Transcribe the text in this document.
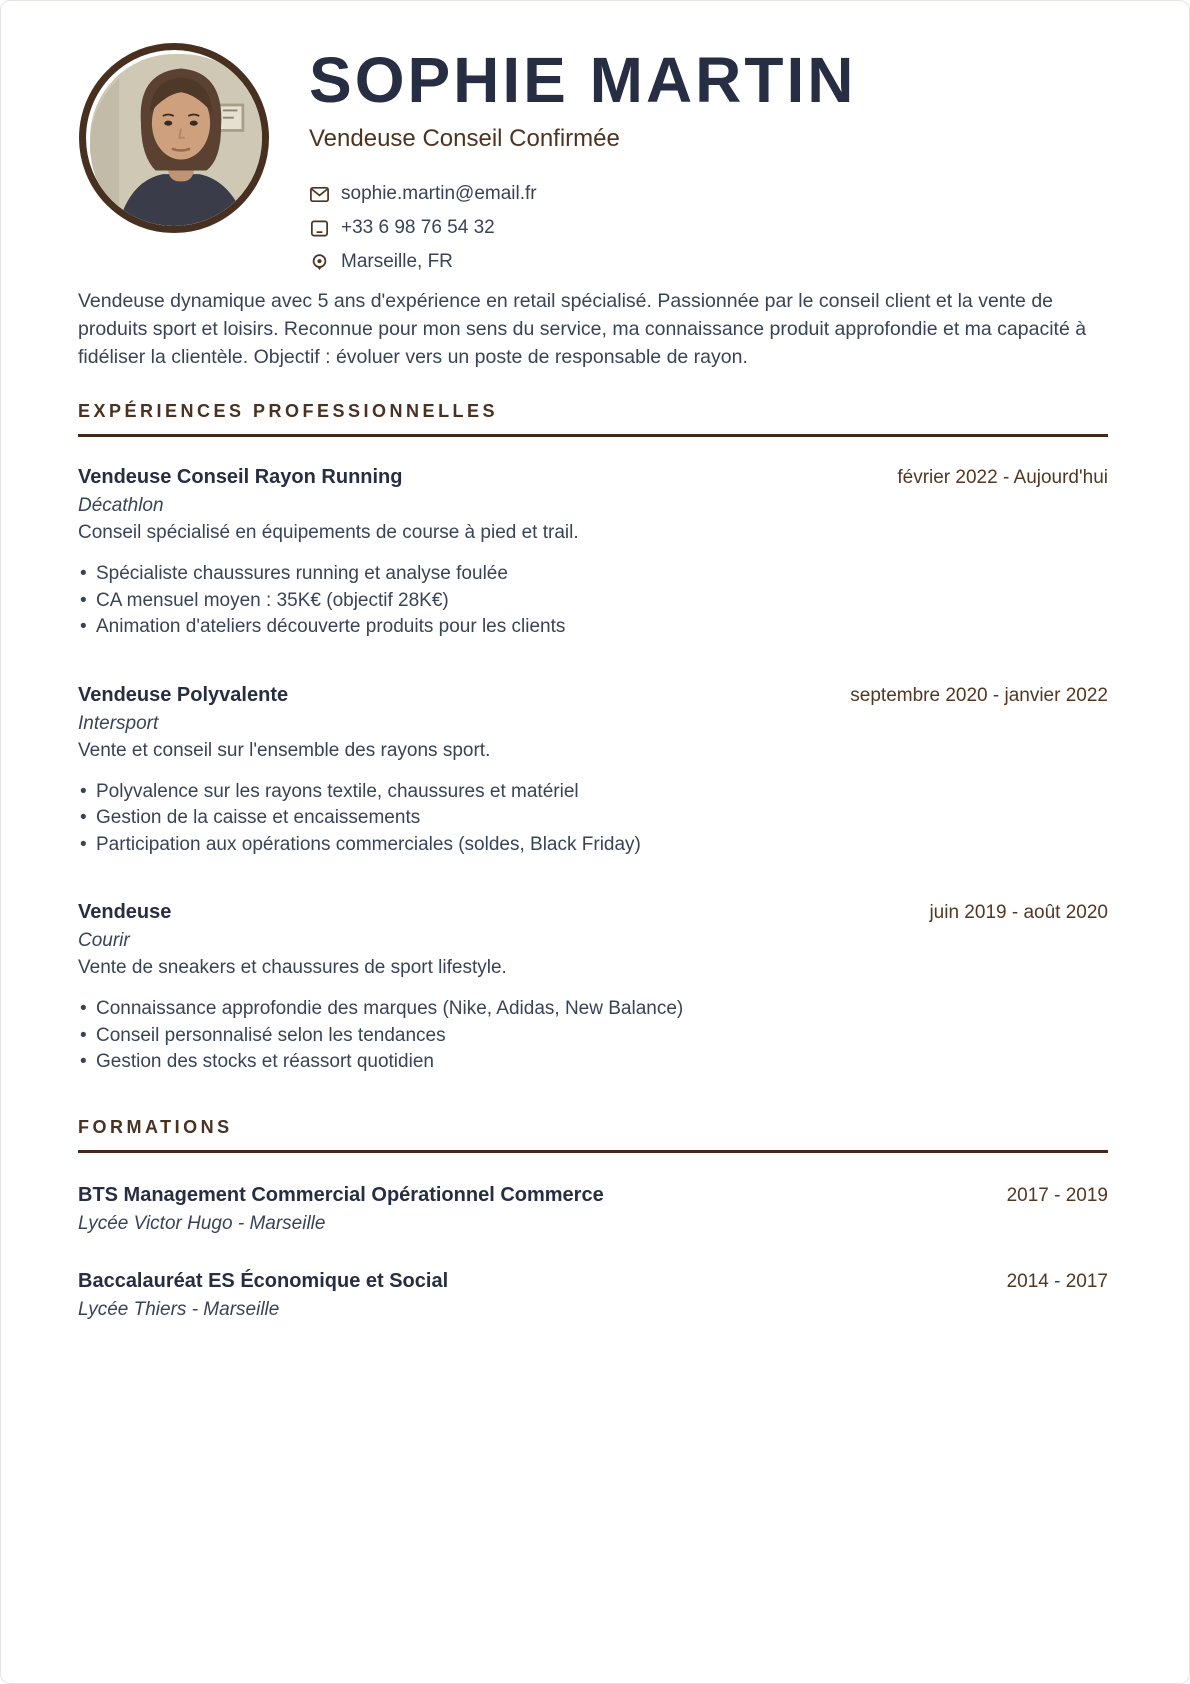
SOPHIE MARTIN
Vendeuse Conseil Confirmée
sophie.martin@email.fr
+33 6 98 76 54 32
Marseille, FR

Vendeuse dynamique avec 5 ans d'expérience en retail spécialisé. Passionnée par le conseil client et la vente de produits sport et loisirs. Reconnue pour mon sens du service, ma connaissance produit approfondie et ma capacité à fidéliser la clientèle. Objectif : évoluer vers un poste de responsable de rayon.

EXPÉRIENCES PROFESSIONNELLES
Vendeuse Conseil Rayon Running	février 2022 - Aujourd'hui
Décathlon
Conseil spécialisé en équipements de course à pied et trail.
• Spécialiste chaussures running et analyse foulée
• CA mensuel moyen : 35K€ (objectif 28K€)
• Animation d'ateliers découverte produits pour les clients
Vendeuse Polyvalente	septembre 2020 - janvier 2022
Intersport
Vente et conseil sur l'ensemble des rayons sport.
• Polyvalence sur les rayons textile, chaussures et matériel
• Gestion de la caisse et encaissements
• Participation aux opérations commerciales (soldes, Black Friday)
Vendeuse	juin 2019 - août 2020
Courir
Vente de sneakers et chaussures de sport lifestyle.
• Connaissance approfondie des marques (Nike, Adidas, New Balance)
• Conseil personnalisé selon les tendances
• Gestion des stocks et réassort quotidien
FORMATIONS
BTS Management Commercial Opérationnel Commerce	2017 - 2019
Lycée Victor Hugo - Marseille
Baccalauréat ES Économique et Social	2014 - 2017
Lycée Thiers - Marseille
